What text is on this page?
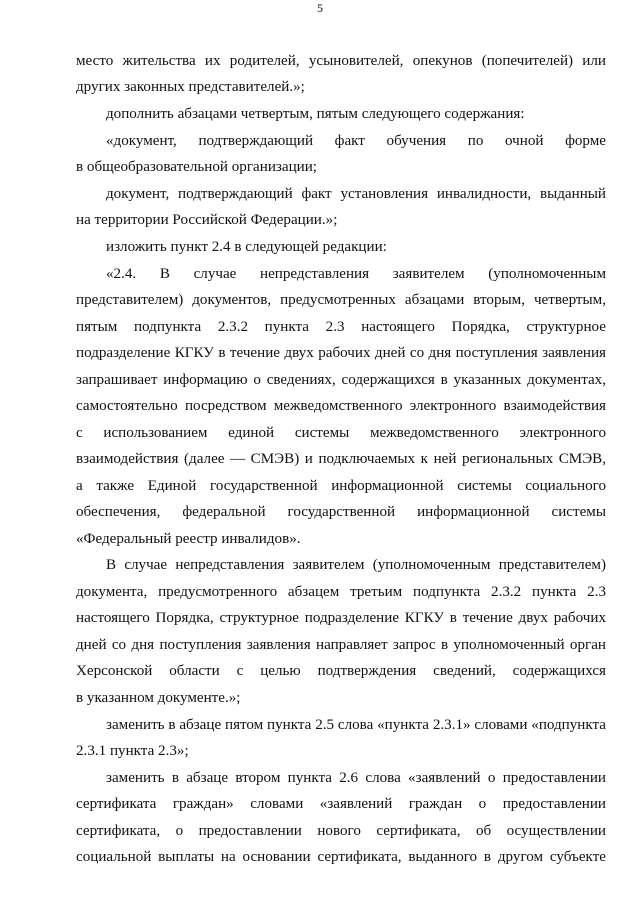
5
место жительства их родителей, усыновителей, опекунов (попечителей) или
других законных представителей.»;
дополнить абзацами четвертым, пятым следующего содержания:
«документ, подтверждающий факт обучения по очной форме
в общеобразовательной организации;
документ, подтверждающий факт установления инвалидности, выданный
на территории Российской Федерации.»;
изложить пункт 2.4 в следующей редакции:
«2.4. В случае непредставления заявителем (уполномоченным
представителем) документов, предусмотренных абзацами вторым, четвертым,
пятым подпункта 2.3.2 пункта 2.3 настоящего Порядка, структурное
подразделение КГКУ в течение двух рабочих дней со дня поступления заявления
запрашивает информацию о сведениях, содержащихся в указанных документах,
самостоятельно посредством межведомственного электронного взаимодействия
с использованием единой системы межведомственного электронного
взаимодействия (далее — СМЭВ) и подключаемых к ней региональных СМЭВ,
а также Единой государственной информационной системы социального
обеспечения, федеральной государственной информационной системы
«Федеральный реестр инвалидов».
В случае непредставления заявителем (уполномоченным представителем)
документа, предусмотренного абзацем третьим подпункта 2.3.2 пункта 2.3
настоящего Порядка, структурное подразделение КГКУ в течение двух рабочих
дней со дня поступления заявления направляет запрос в уполномоченный орган
Херсонской области с целью подтверждения сведений, содержащихся
в указанном документе.»;
заменить в абзаце пятом пункта 2.5 слова «пункта 2.3.1» словами «подпункта
2.3.1 пункта 2.3»;
заменить в абзаце втором пункта 2.6 слова «заявлений о предоставлении
сертификата граждан» словами «заявлений граждан о предоставлении
сертификата, о предоставлении нового сертификата, об осуществлении
социальной выплаты на основании сертификата, выданного в другом субъекте
